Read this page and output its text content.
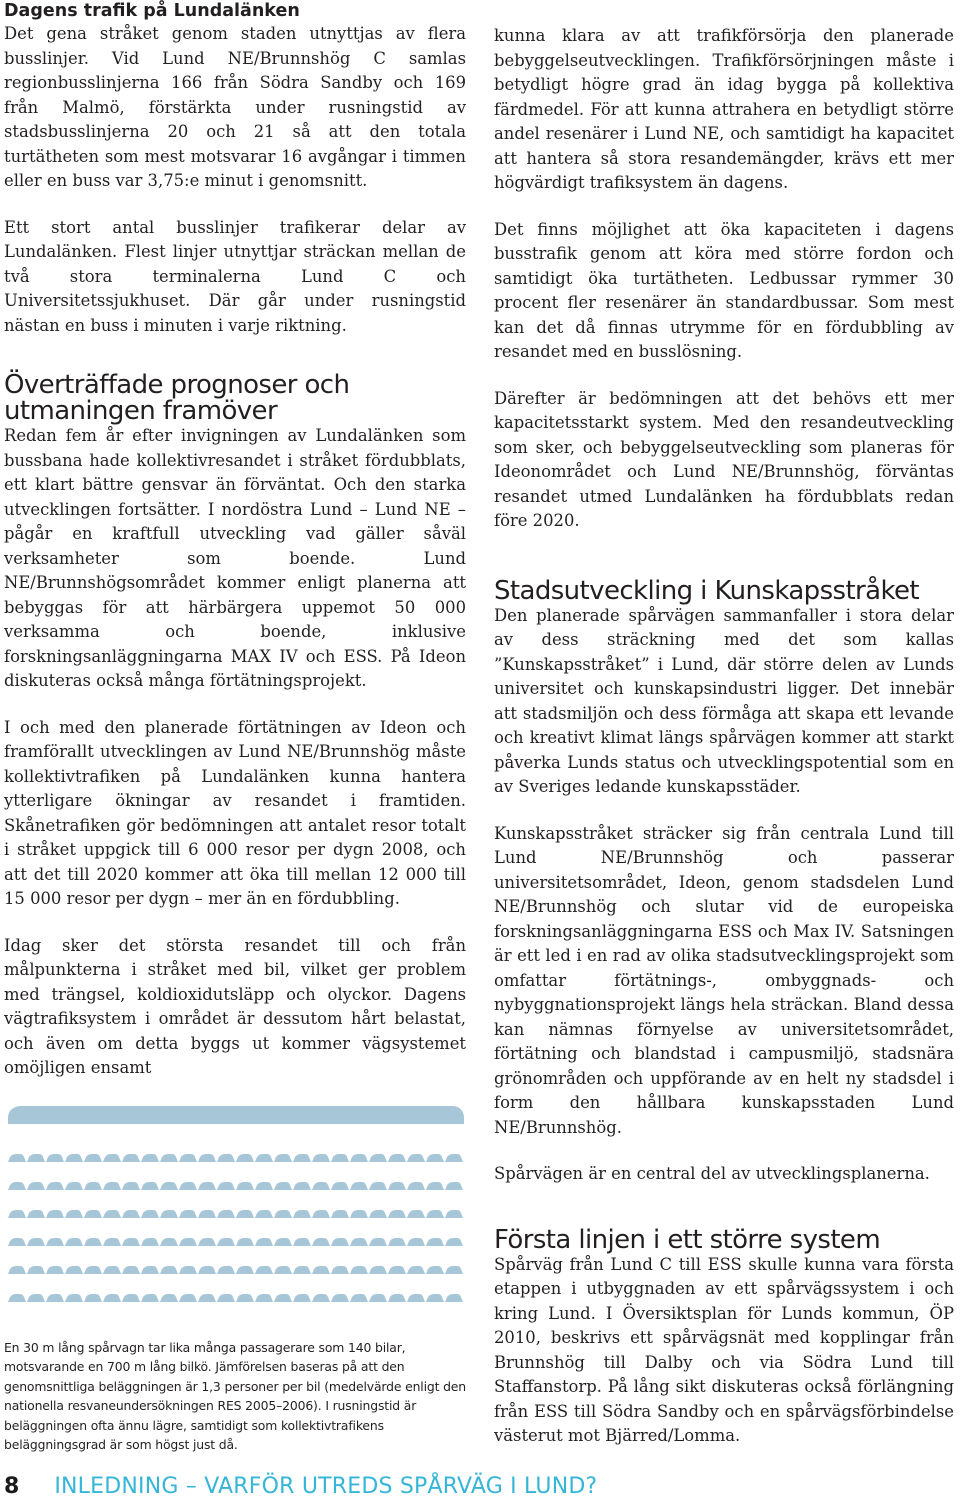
Dagens trafik på Lundalänken

Det gena stråket genom staden utnyttjas av flera busslinjer. Vid Lund NE/Brunnshög C samlas regionbusslinjerna 166 från Södra Sandby och 169 från Malmö, förstärkta under rusningstid av stadsbusslinjerna 20 och 21 så att den totala turtätheten som mest motsvarar 16 avgångar i timmen eller en buss var 3,75:e minut i genomsnitt.

Ett stort antal busslinjer trafikerar delar av Lundalänken. Flest linjer utnyttjar sträckan mellan de två stora terminalerna Lund C och Universitetssjukhuset. Där går under rusningstid nästan en buss i minuten i varje riktning.

Överträffade prognoser och utmaningen framöver

Redan fem år efter invigningen av Lundalänken som bussbana hade kollektivresandet i stråket fördubblats, ett klart bättre gensvar än förväntat. Och den starka utvecklingen fortsätter. I nordöstra Lund – Lund NE – pågår en kraftfull utveckling vad gäller såväl verksamheter som boende. Lund NE/Brunnshögsområdet kommer enligt planerna att bebyggas för att härbärgera uppemot 50 000 verksamma och boende, inklusive forskningsanläggningarna MAX IV och ESS. På Ideon diskuteras också många förtätningsprojekt.

I och med den planerade förtätningen av Ideon och framförallt utvecklingen av Lund NE/Brunnshög måste kollektivtrafiken på Lundalänken kunna hantera ytterligare ökningar av resandet i framtiden. Skånetrafiken gör bedömningen att antalet resor totalt i stråket uppgick till 6 000 resor per dygn 2008, och att det till 2020 kommer att öka till mellan 12 000 till 15 000 resor per dygn – mer än en fördubbling.

Idag sker det största resandet till och från målpunkterna i stråket med bil, vilket ger problem med trängsel, koldioxidutsläpp och olyckor. Dagens vägtrafiksystem i området är dessutom hårt belastat, och även om detta byggs ut kommer vägsystemet omöjligen ensamt

En 30 m lång spårvagn tar lika många passagerare som 140 bilar, motsvarande en 700 m lång bilkö. Jämförelsen baseras på att den genomsnittliga beläggningen är 1,3 personer per bil (medelvärde enligt den nationella resvaneundersökningen RES 2005–2006). I rusningstid är beläggningen ofta ännu lägre, samtidigt som kollektivtrafikens beläggningsgrad är som högst just då.

kunna klara av att trafikförsörja den planerade bebyggelseutvecklingen. Trafikförsörjningen måste i betydligt högre grad än idag bygga på kollektiva färdmedel. För att kunna attrahera en betydligt större andel resenärer i Lund NE, och samtidigt ha kapacitet att hantera så stora resandemängder, krävs ett mer högvärdigt trafiksystem än dagens.

Det finns möjlighet att öka kapaciteten i dagens busstrafik genom att köra med större fordon och samtidigt öka turtätheten. Ledbussar rymmer 30 procent fler resenärer än standardbussar. Som mest kan det då finnas utrymme för en fördubbling av resandet med en busslösning.

Därefter är bedömningen att det behövs ett mer kapacitetsstarkt system. Med den resandeutveckling som sker, och bebyggelseutveckling som planeras för Ideonområdet och Lund NE/Brunnshög, förväntas resandet utmed Lundalänken ha fördubblats redan före 2020.

Stadsutveckling i Kunskapsstråket

Den planerade spårvägen sammanfaller i stora delar av dess sträckning med det som kallas ”Kunskapsstråket” i Lund, där större delen av Lunds universitet och kunskapsindustri ligger. Det innebär att stadsmiljön och dess förmåga att skapa ett levande och kreativt klimat längs spårvägen kommer att starkt påverka Lunds status och utvecklingspotential som en av Sveriges ledande kunskapsstäder.

Kunskapsstråket sträcker sig från centrala Lund till Lund NE/Brunnshög och passerar universitetsområdet, Ideon, genom stadsdelen Lund NE/Brunnshög och slutar vid de europeiska forskningsanläggningarna ESS och Max IV. Satsningen är ett led i en rad av olika stadsutvecklingsprojekt som omfattar förtätnings-, ombyggnads- och nybyggnationsprojekt längs hela sträckan. Bland dessa kan nämnas förnyelse av universitetsområdet, förtätning och blandstad i campusmiljö, stadsnära grönområden och uppförande av en helt ny stadsdel i form den hållbara kunskapsstaden Lund NE/Brunnshög.

Spårvägen är en central del av utvecklingsplanerna.

Första linjen i ett större system

Spårväg från Lund C till ESS skulle kunna vara första etappen i utbyggnaden av ett spårvägssystem i och kring Lund. I Översiktsplan för Lunds kommun, ÖP 2010, beskrivs ett spårvägsnät med kopplingar från Brunnshög till Dalby och via Södra Lund till Staffanstorp. På lång sikt diskuteras också förlängning från ESS till Södra Sandby och en spårvägsförbindelse västerut mot Bjärred/Lomma.

8 INLEDNING – VARFÖR UTREDS SPÅRVÄG I LUND?
